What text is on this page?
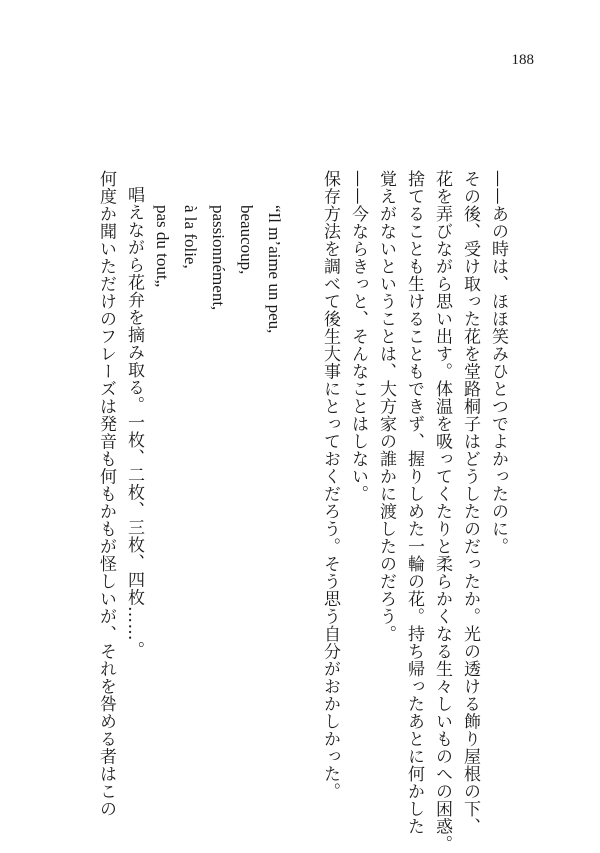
188
——あの時は、ほほ笑みひとつでよかったのに。
その後、受け取った花を堂路桐子はどうしたのだったか。光の透ける飾り屋根の下、
花を弄びながら思い出す。体温を吸ってくたりと柔らかくなる生々しいものへの困惑。
捨てることも生けることもできず、握りしめた一輪の花。持ち帰ったあとに何かした
覚えがないということは、大方家の誰かに渡したのだろう。
——今ならきっと、そんなことはしない。
保存方法を調べて後生大事にとっておくだろう。そう思う自分がおかしかった。
“Il m’aime un peu,
beaucoup,
passionnément,
à la folie,
pas du tout„
唱えながら花弁を摘み取る。一枚、二枚、三枚、四枚……。
何度か聞いただけのフレーズは発音も何もかもが怪しいが、それを咎める者はこの
